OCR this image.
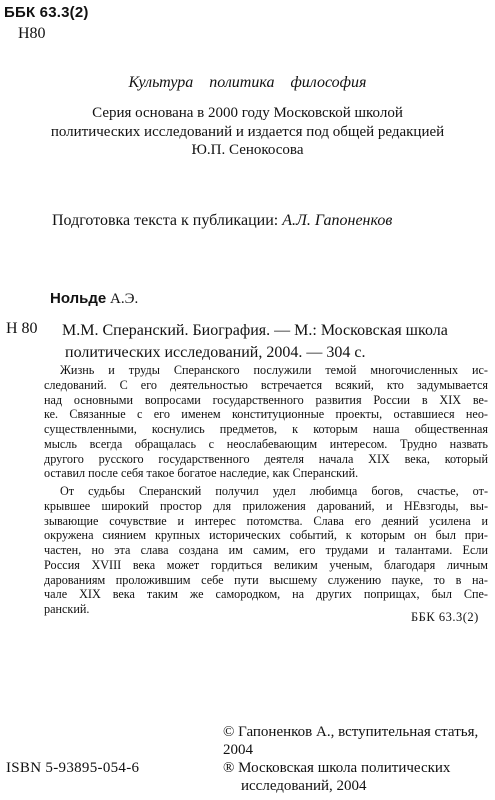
ББК 63.3(2)
Н80
Культура политика философия
Серия основана в 2000 году Московской школой
политических исследований и издается под общей редакцией
Ю.П. Сенокосова
Подготовка текста к публикации: А.Л. Гапоненков
Нольде А.Э.
Н 80 М.М. Сперанский. Биография. — М.: Московская школа
политических исследований, 2004. — 304 с.
Жизнь и труды Сперанского послужили темой многочисленных ис-
следований. С его деятельностью встречается всякий, кто задумывается
над основными вопросами государственного развития России в XIX ве-
ке. Связанные с его именем конституционные проекты, оставшиеся нео-
существленными, коснулись предметов, к которым наша общественная
мысль всегда обращалась с неослабевающим интересом. Трудно назвать
другого русского государственного деятеля начала XIX века, который
оставил после себя такое богатое наследие, как Сперанский.
От судьбы Сперанский получил удел любимца богов, счастье, от-
крывшее широкий простор для приложения дарований, и НЕвзгоды, вы-
зывающие сочувствие и интерес потомства. Слава его деяний усилена и
окружена сиянием крупных исторических событий, к которым он был при-
частен, но эта слава создана им самим, его трудами и талантами. Если
Россия XVIII века может гордиться великим ученым, благодаря личным
дарованиям проложившим себе пути высшему служению пауке, то в на-
чале XIX века таким же самородком, на других поприщах, был Спе-
ранский.
ББК 63.3(2)
© Гапоненков А., вступительная статья, 2004
® Московская школа политических
исследований, 2004
ISBN 5-93895-054-6
